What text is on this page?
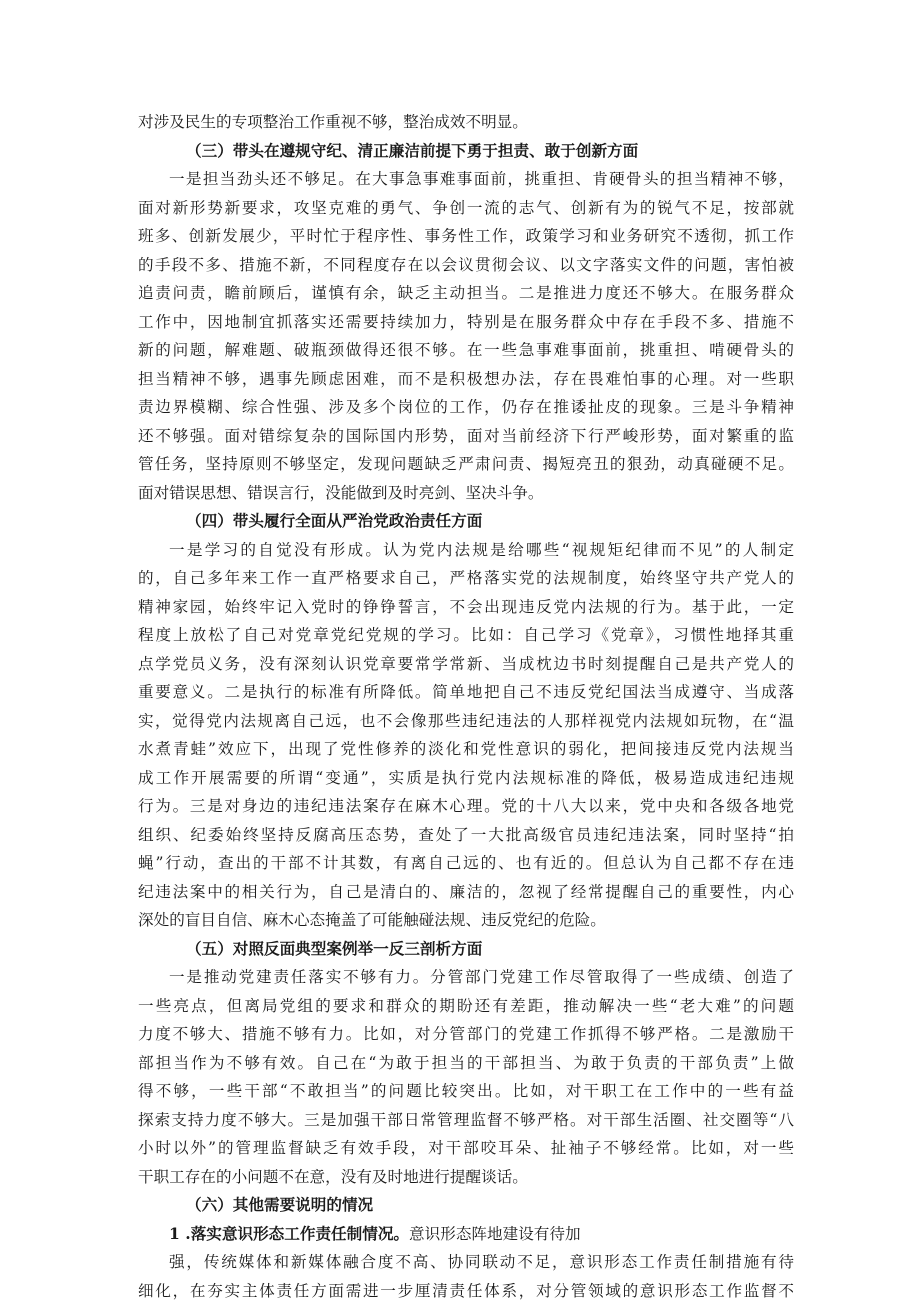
对涉及民生的专项整治工作重视不够，整治成效不明显。
（三）带头在遵规守纪、清正廉洁前提下勇于担责、敢于创新方面
一是担当劲头还不够足。在大事急事难事面前，挑重担、肯硬骨头的担当精神不够，
面对新形势新要求，攻坚克难的勇气、争创一流的志气、创新有为的锐气不足，按部就
班多、创新发展少，平时忙于程序性、事务性工作，政策学习和业务研究不透彻，抓工作
的手段不多、措施不新，不同程度存在以会议贯彻会议、以文字落实文件的问题，害怕被
追责问责，瞻前顾后，谨慎有余，缺乏主动担当。二是推进力度还不够大。在服务群众
工作中，因地制宜抓落实还需要持续加力，特别是在服务群众中存在手段不多、措施不
新的问题，解难题、破瓶颈做得还很不够。在一些急事难事面前，挑重担、啃硬骨头的
担当精神不够，遇事先顾虑困难，而不是积极想办法，存在畏难怕事的心理。对一些职
责边界模糊、综合性强、涉及多个岗位的工作，仍存在推诿扯皮的现象。三是斗争精神
还不够强。面对错综复杂的国际国内形势，面对当前经济下行严峻形势，面对繁重的监
管任务，坚持原则不够坚定，发现问题缺乏严肃问责、揭短亮丑的狠劲，动真碰硬不足。
面对错误思想、错误言行，没能做到及时亮剑、坚决斗争。
（四）带头履行全面从严治党政治责任方面
一是学习的自觉没有形成。认为党内法规是给哪些“视规矩纪律而不见”的人制定
的，自己多年来工作一直严格要求自己，严格落实党的法规制度，始终坚守共产党人的
精神家园，始终牢记入党时的铮铮誓言，不会出现违反党内法规的行为。基于此，一定
程度上放松了自己对党章党纪党规的学习。比如：自己学习《党章》，习惯性地择其重
点学党员义务，没有深刻认识党章要常学常新、当成枕边书时刻提醒自己是共产党人的
重要意义。二是执行的标准有所降低。简单地把自己不违反党纪国法当成遵守、当成落
实，觉得党内法规离自己远，也不会像那些违纪违法的人那样视党内法规如玩物，在“温
水煮青蛙”效应下，出现了党性修养的淡化和党性意识的弱化，把间接违反党内法规当
成工作开展需要的所谓“变通”，实质是执行党内法规标准的降低，极易造成违纪违规
行为。三是对身边的违纪违法案存在麻木心理。党的十八大以来，党中央和各级各地党
组织、纪委始终坚持反腐高压态势，查处了一大批高级官员违纪违法案，同时坚持“拍
蝇”行动，查出的干部不计其数，有离自己远的、也有近的。但总认为自己都不存在违
纪违法案中的相关行为，自己是清白的、廉洁的，忽视了经常提醒自己的重要性，内心
深处的盲目自信、麻木心态掩盖了可能触碰法规、违反党纪的危险。
（五）对照反面典型案例举一反三剖析方面
一是推动党建责任落实不够有力。分管部门党建工作尽管取得了一些成绩、创造了
一些亮点，但离局党组的要求和群众的期盼还有差距，推动解决一些“老大难”的问题
力度不够大、措施不够有力。比如，对分管部门的党建工作抓得不够严格。二是激励干
部担当作为不够有效。自己在“为敢于担当的干部担当、为敢于负责的干部负责”上做
得不够，一些干部“不敢担当”的问题比较突出。比如，对干职工在工作中的一些有益
探索支持力度不够大。三是加强干部日常管理监督不够严格。对干部生活圈、社交圈等“八
小时以外”的管理监督缺乏有效手段，对干部咬耳朵、扯袖子不够经常。比如，对一些
干职工存在的小问题不在意，没有及时地进行提醒谈话。
（六）其他需要说明的情况
1 .落实意识形态工作责任制情况。意识形态阵地建设有待加
强，传统媒体和新媒体融合度不高、协同联动不足，意识形态工作责任制措施有待
细化，在夯实主体责任方面需进一步厘清责任体系，对分管领域的意识形态工作监督不
